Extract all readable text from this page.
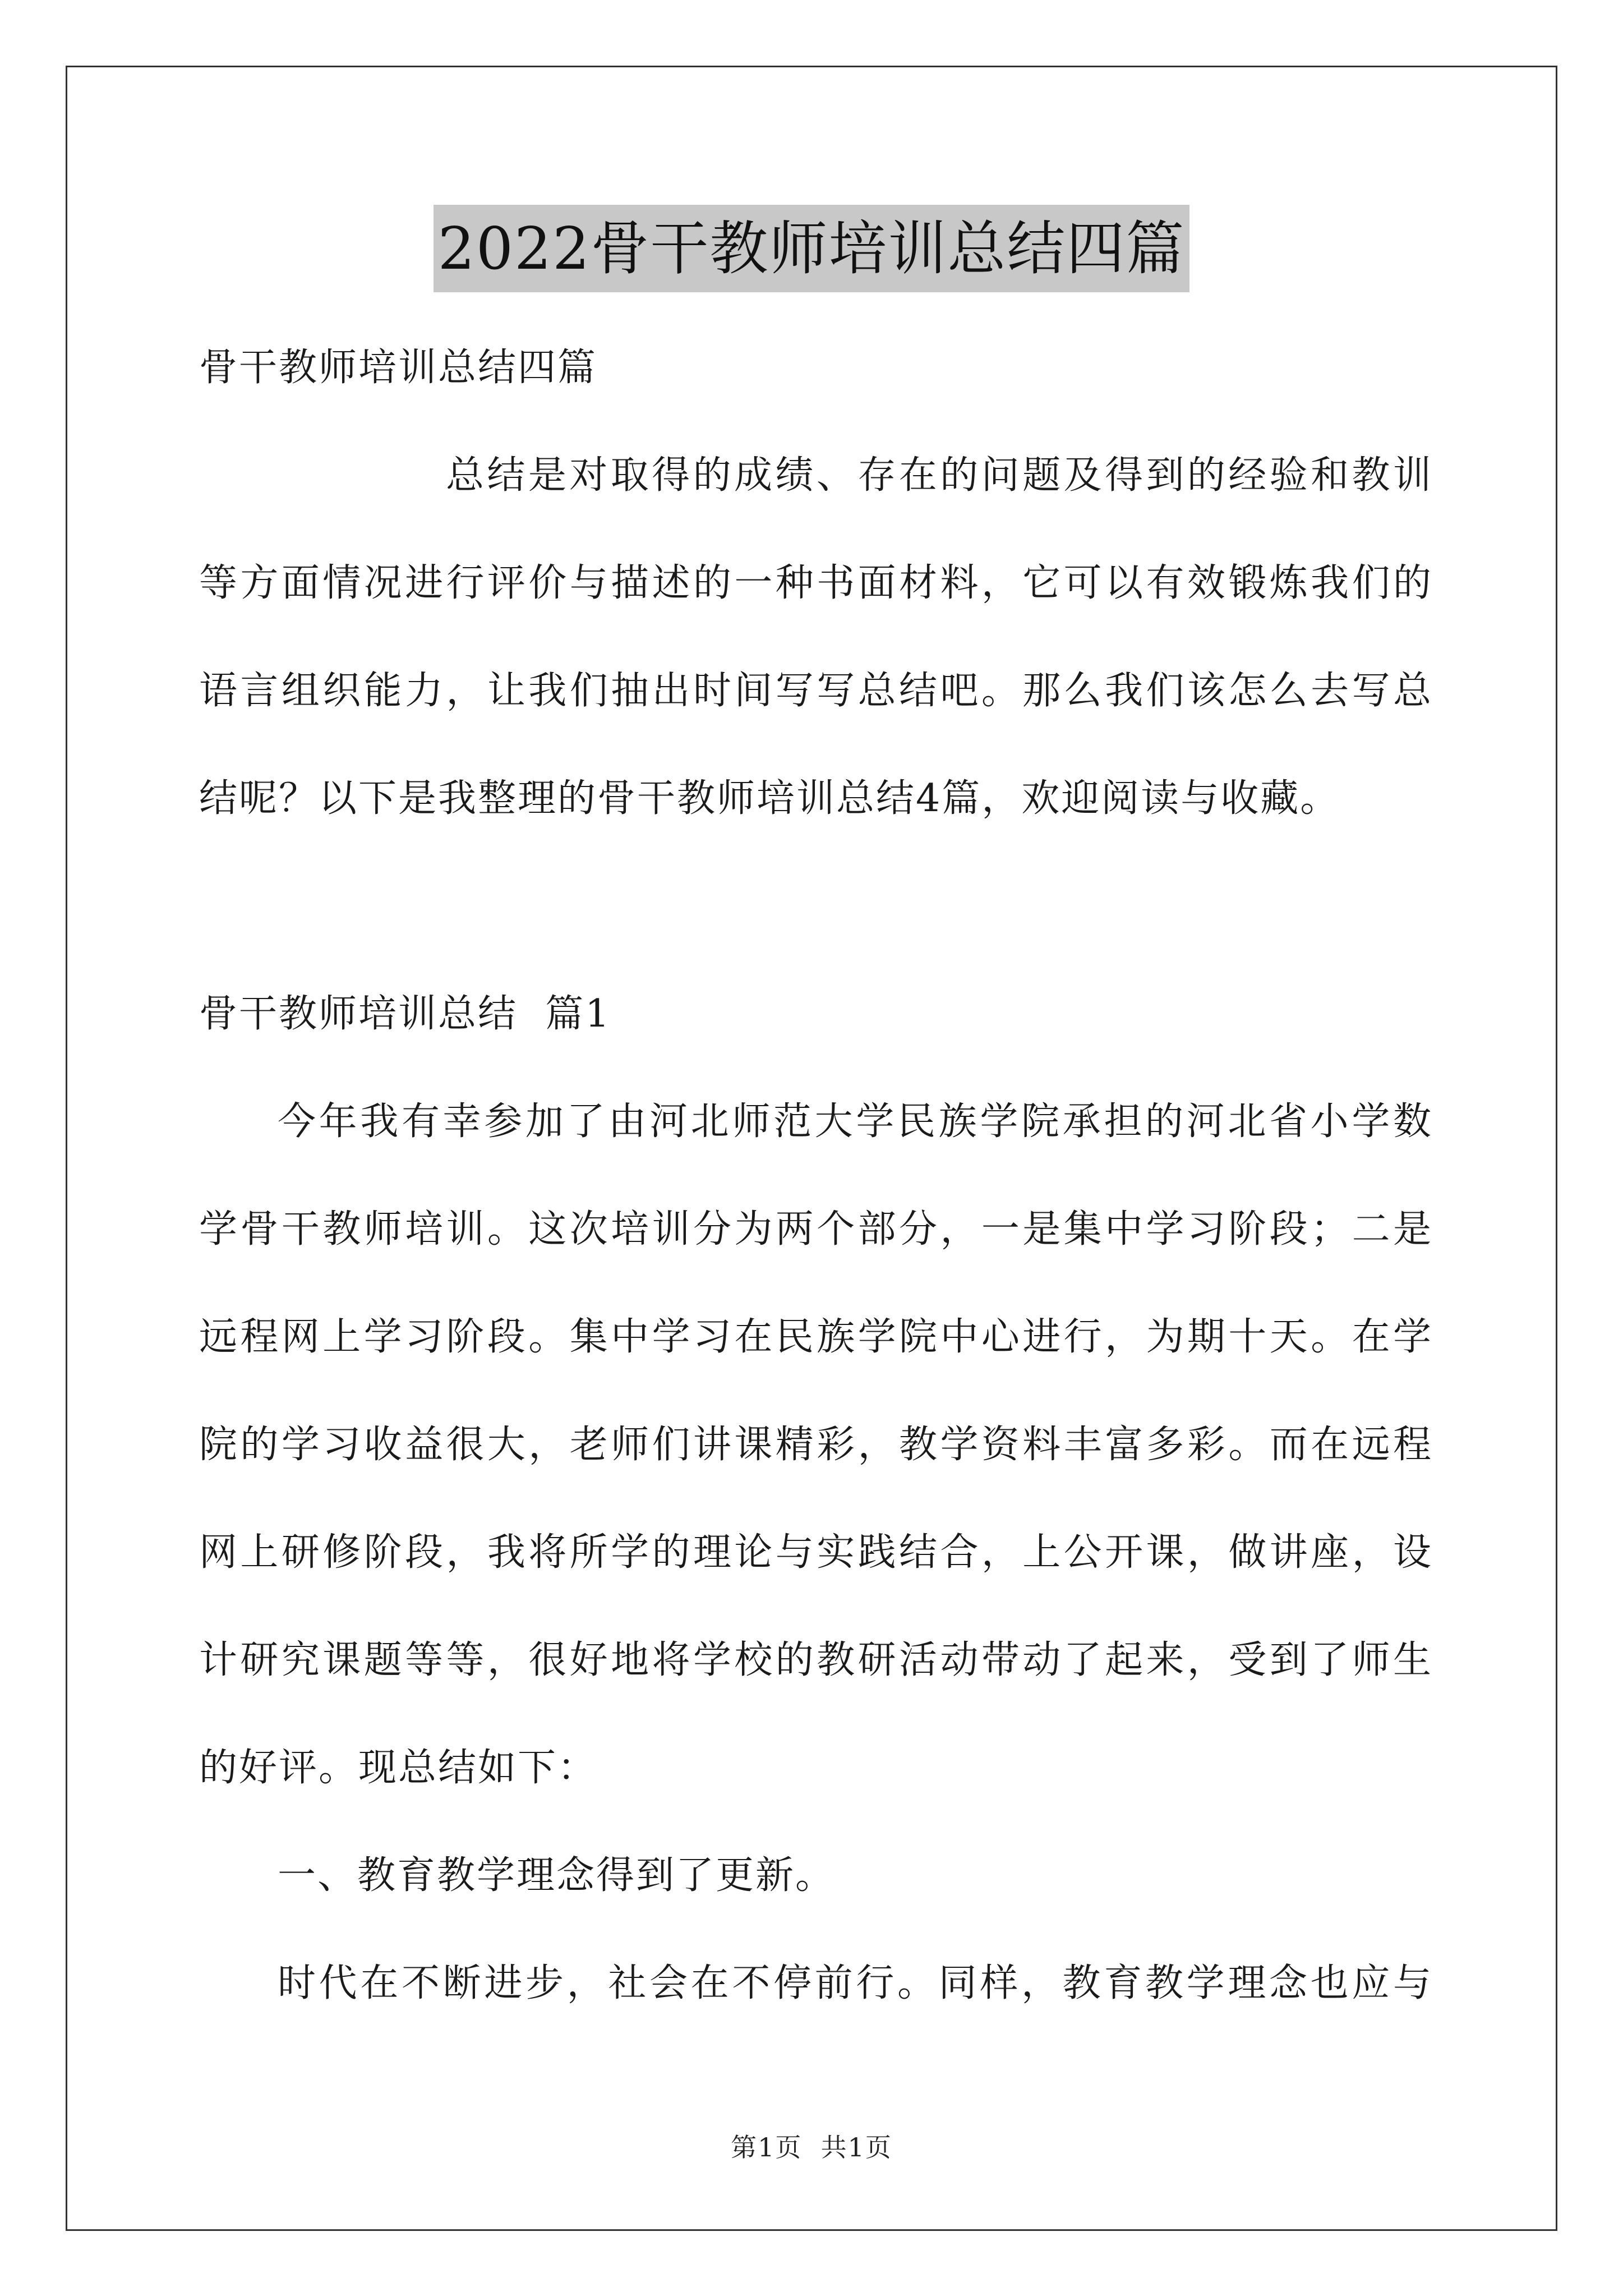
2022骨干教师培训总结四篇
骨干教师培训总结四篇
总结是对取得的成绩、存在的问题及得到的经验和教训
等方面情况进行评价与描述的一种书面材料，它可以有效锻炼我们的
语言组织能力，让我们抽出时间写写总结吧。那么我们该怎么去写总
结呢？以下是我整理的骨干教师培训总结4篇，欢迎阅读与收藏。
骨干教师培训总结  篇1
今年我有幸参加了由河北师范大学民族学院承担的河北省小学数
学骨干教师培训。这次培训分为两个部分，一是集中学习阶段；二是
远程网上学习阶段。集中学习在民族学院中心进行，为期十天。在学
院的学习收益很大，老师们讲课精彩，教学资料丰富多彩。而在远程
网上研修阶段，我将所学的理论与实践结合，上公开课，做讲座，设
计研究课题等等，很好地将学校的教研活动带动了起来，受到了师生
的好评。现总结如下：
一、教育教学理念得到了更新。
时代在不断进步，社会在不停前行。同样，教育教学理念也应与
第1页  共1页
